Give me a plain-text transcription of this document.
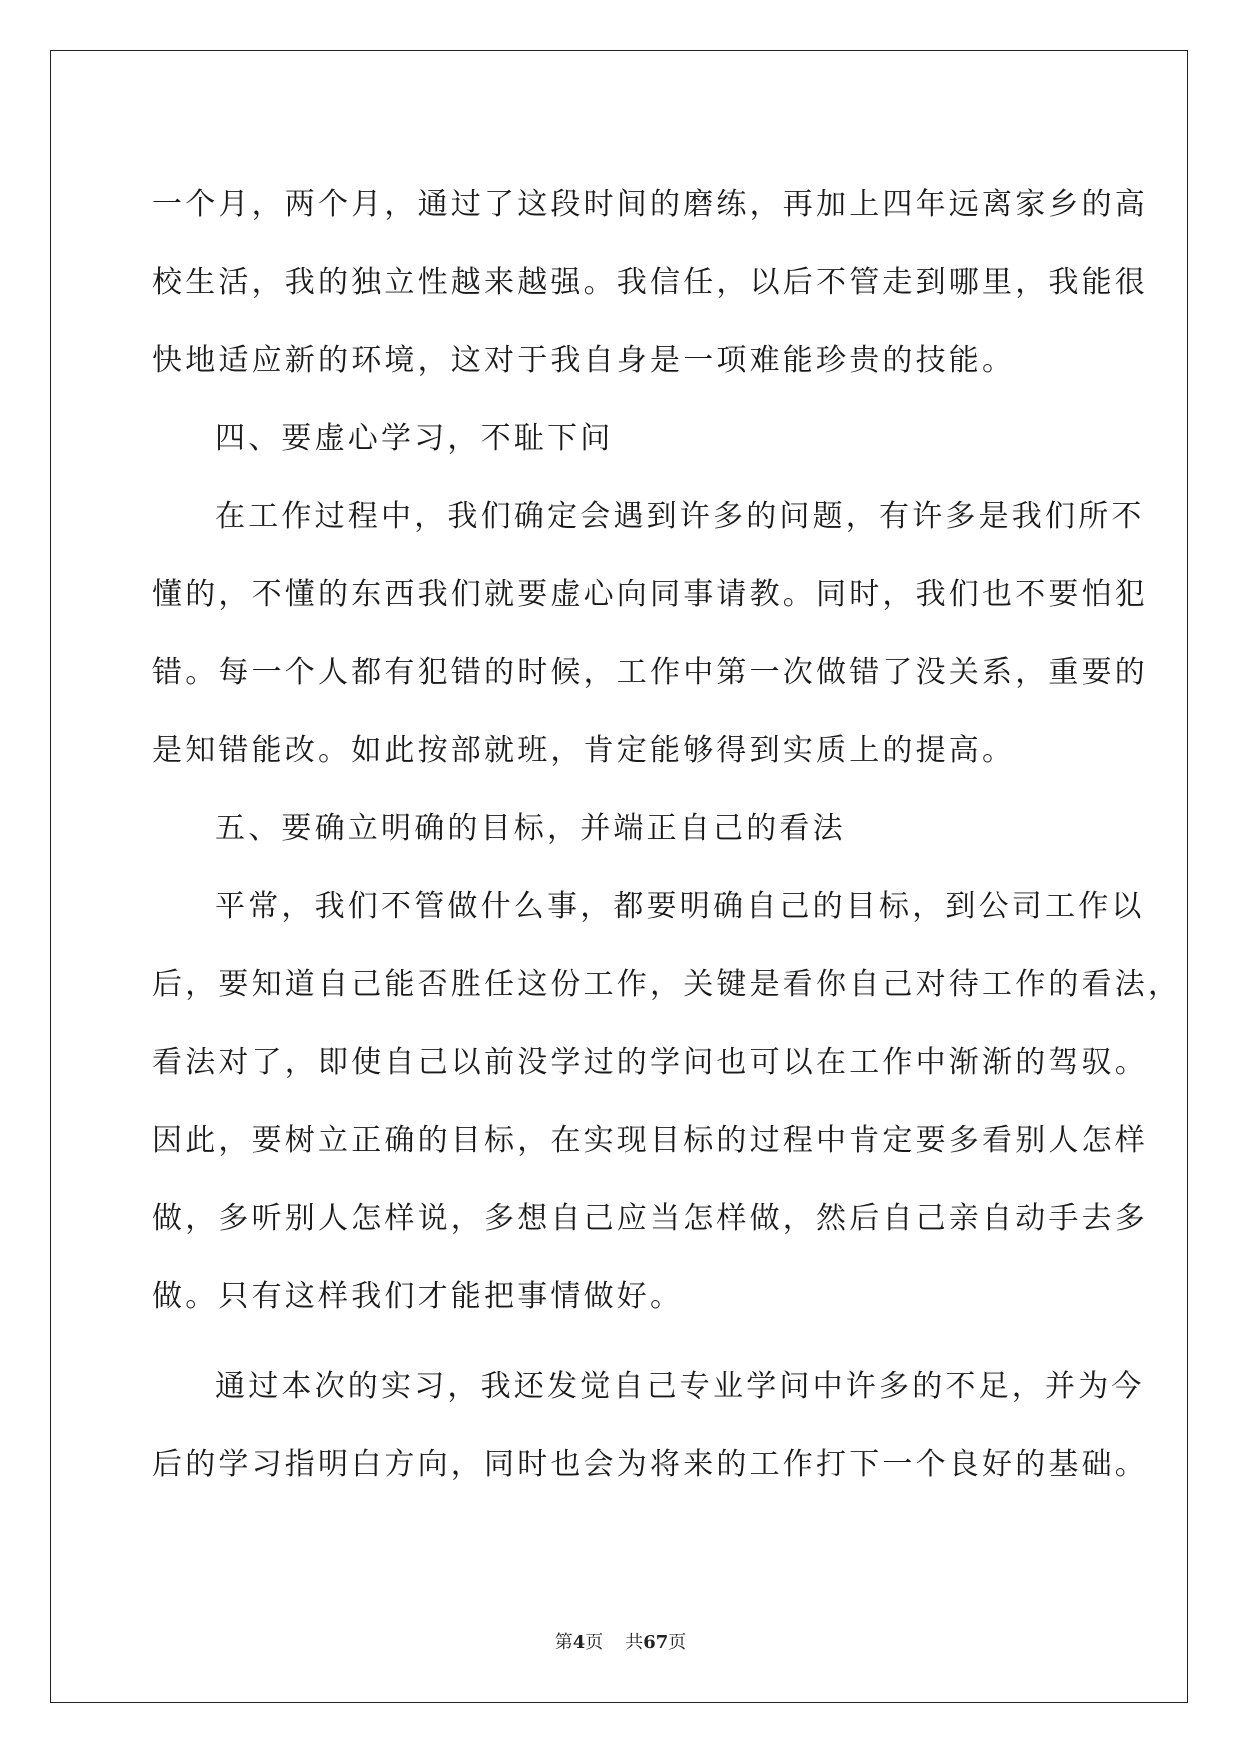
一个月，两个月，通过了这段时间的磨练，再加上四年远离家乡的高
校生活，我的独立性越来越强。我信任，以后不管走到哪里，我能很
快地适应新的环境，这对于我自身是一项难能珍贵的技能。
四、要虚心学习，不耻下问
在工作过程中，我们确定会遇到许多的问题，有许多是我们所不
懂的，不懂的东西我们就要虚心向同事请教。同时，我们也不要怕犯
错。每一个人都有犯错的时候，工作中第一次做错了没关系，重要的
是知错能改。如此按部就班，肯定能够得到实质上的提高。
五、要确立明确的目标，并端正自己的看法
平常，我们不管做什么事，都要明确自己的目标，到公司工作以
后，要知道自己能否胜任这份工作，关键是看你自己对待工作的看法，
看法对了，即使自己以前没学过的学问也可以在工作中渐渐的驾驭。
因此，要树立正确的目标，在实现目标的过程中肯定要多看别人怎样
做，多听别人怎样说，多想自己应当怎样做，然后自己亲自动手去多
做。只有这样我们才能把事情做好。
通过本次的实习，我还发觉自己专业学问中许多的不足，并为今
后的学习指明白方向，同时也会为将来的工作打下一个良好的基础。
第4页 共67页
